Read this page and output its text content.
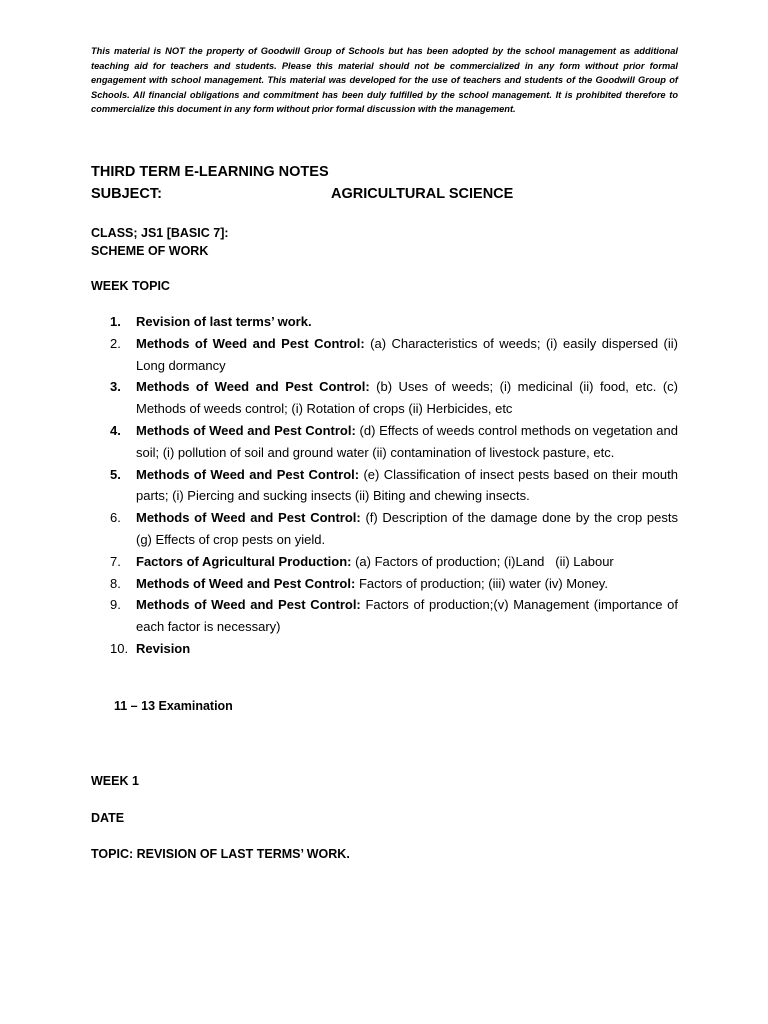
This material is NOT the property of Goodwill Group of Schools but has been adopted by the school management as additional teaching aid for teachers and students. Please this material should not be commercialized in any form without prior formal engagement with school management. This material was developed for the use of teachers and students of the Goodwill Group of Schools. All financial obligations and commitment has been duly fulfilled by the school management. It is prohibited therefore to commercialize this document in any form without prior formal discussion with the management.

THIRD TERM E-LEARNING NOTES
SUBJECT:	AGRICULTURAL SCIENCE

CLASS; JS1 [BASIC 7]:

SCHEME OF WORK

WEEK TOPIC

1. Revision of last terms’ work.
2. Methods of Weed and Pest Control: (a) Characteristics of weeds; (i) easily dispersed (ii) Long dormancy
3. Methods of Weed and Pest Control: (b) Uses of weeds; (i) medicinal (ii) food, etc. (c) Methods of weeds control; (i) Rotation of crops (ii) Herbicides, etc
4. Methods of Weed and Pest Control: (d) Effects of weeds control methods on vegetation and soil; (i) pollution of soil and ground water (ii) contamination of livestock pasture, etc.
5. Methods of Weed and Pest Control: (e) Classification of insect pests based on their mouth parts; (i) Piercing and sucking insects (ii) Biting and chewing insects.
6. Methods of Weed and Pest Control: (f) Description of the damage done by the crop pests (g) Effects of crop pests on yield.
7. Factors of Agricultural Production: (a) Factors of production; (i)Land   (ii) Labour
8. Methods of Weed and Pest Control: Factors of production; (iii) water (iv) Money.
9. Methods of Weed and Pest Control: Factors of production;(v) Management (importance of each factor is necessary)
10. Revision

11 – 13 Examination

WEEK 1

DATE

TOPIC: REVISION OF LAST TERMS’ WORK.
